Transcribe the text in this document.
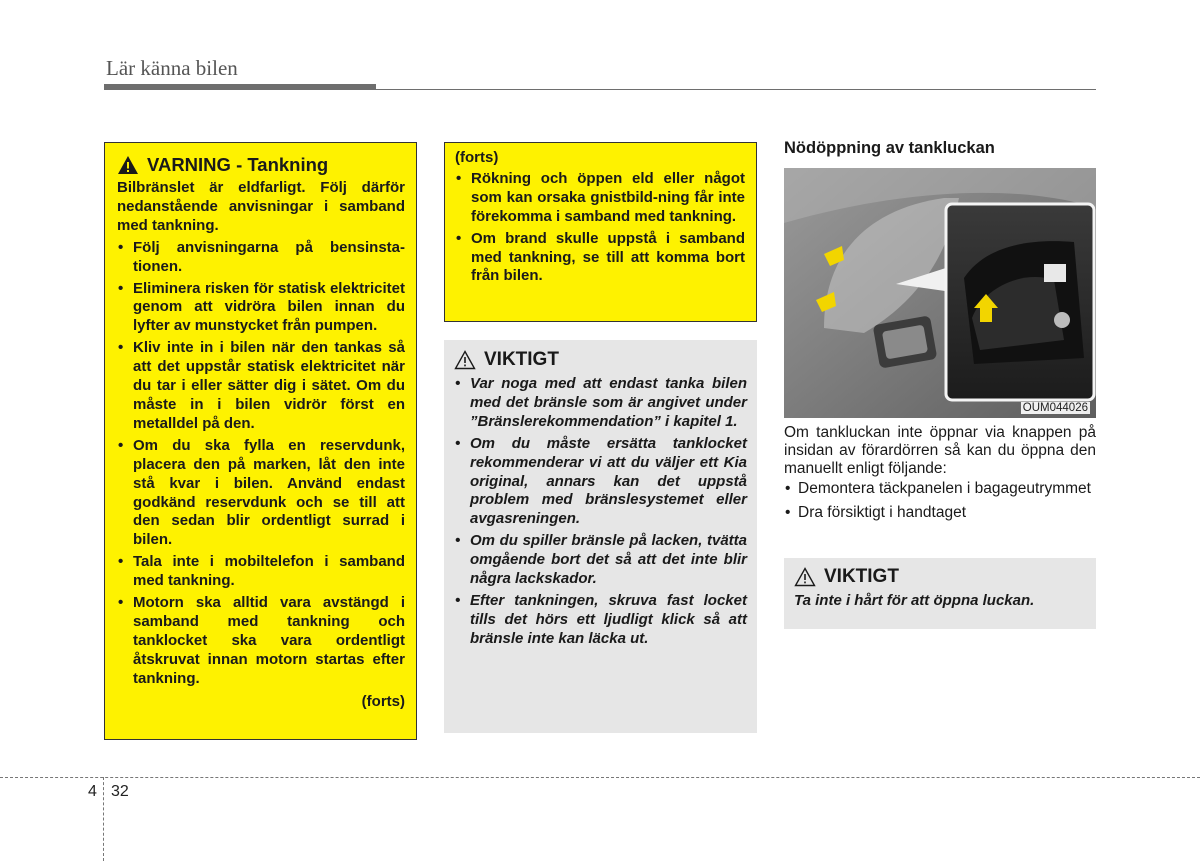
Lär känna bilen
VARNING - Tankning

Bilbränslet är eldfarligt. Följ därför nedanstående anvisningar i samband med tankning.

• Följ anvisningarna på bensinsta-tionen.
• Eliminera risken för statisk elektricitet genom att vidröra bilen innan du lyfter av munstycket från pumpen.
• Kliv inte in i bilen när den tankas så att det uppstår statisk elektricitet när du tar i eller sätter dig i sätet. Om du måste in i bilen vidrör först en metalldel på den.
• Om du ska fylla en reservdunk, placera den på marken, låt den inte stå kvar i bilen. Använd endast godkänd reservdunk och se till att den sedan blir ordentligt surrad i bilen.
• Tala inte i mobiltelefon i samband med tankning.
• Motorn ska alltid vara avstängd i samband med tankning och tanklocket ska vara ordentligt åtskruvat innan motorn startas efter tankning.
(forts)
(forts)
• Rökning och öppen eld eller något som kan orsaka gnistbild-ning får inte förekomma i samband med tankning.
• Om brand skulle uppstå i samband med tankning, se till att komma bort från bilen.
VIKTIGT
• Var noga med att endast tanka bilen med det bränsle som är angivet under ”Bränslerekommendation” i kapitel 1.
• Om du måste ersätta tanklocket rekommenderar vi att du väljer ett Kia original, annars kan det uppstå problem med bränslesystemet eller avgasreningen.
• Om du spiller bränsle på lacken, tvätta omgående bort det så att det inte blir några lackskador.
• Efter tankningen, skruva fast locket tills det hörs ett ljudligt klick så att bränsle inte kan läcka ut.
Nödöppning av tankluckan
OUM044026

Om tankluckan inte öppnar via knappen på insidan av förardörren så kan du öppna den manuellt enligt följande:

• Demontera täckpanelen i bagageutrymmet
• Dra försiktigt i handtaget
VIKTIGT
Ta inte i hårt för att öppna luckan.
4 32
